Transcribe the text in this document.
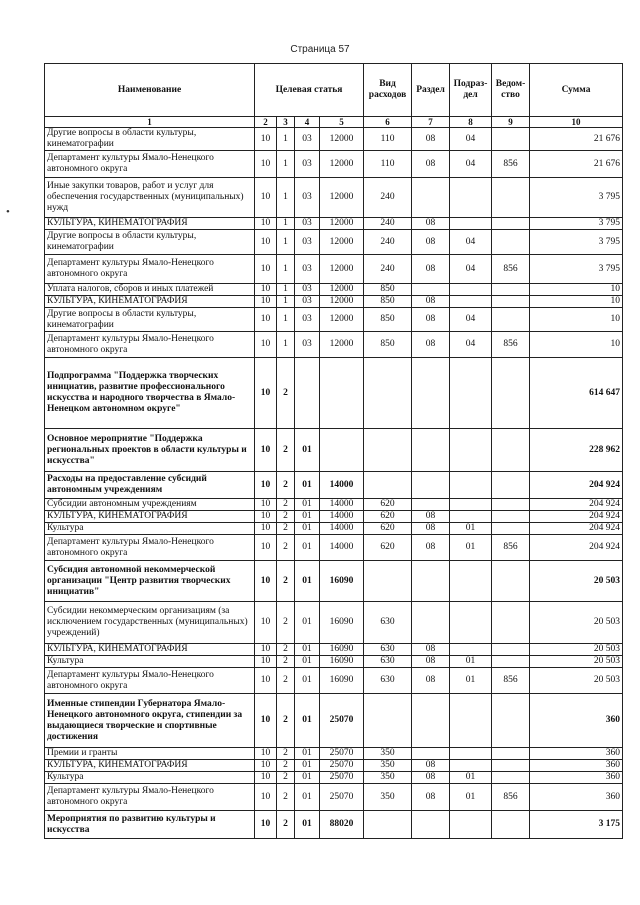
Страница 57
•
Наименование	Целевая статья				Вид расходов	Раздел	Подраз-дел	Ведом-ство	Сумма
1	2	3	4	5	6	7	8	9	10
Другие вопросы в области культуры, кинематографии	10	1	03	12000	110	08	04		21 676
Департамент культуры Ямало-Ненецкого автономного округа	10	1	03	12000	110	08	04	856	21 676
Иные закупки товаров, работ и услуг для обеспечения государственных (муниципальных) нужд	10	1	03	12000	240				3 795
КУЛЬТУРА, КИНЕМАТОГРАФИЯ	10	1	03	12000	240	08			3 795
Другие вопросы в области культуры, кинематографии	10	1	03	12000	240	08	04		3 795
Департамент культуры Ямало-Ненецкого автономного округа	10	1	03	12000	240	08	04	856	3 795
Уплата налогов, сборов и иных платежей	10	1	03	12000	850				10
КУЛЬТУРА, КИНЕМАТОГРАФИЯ	10	1	03	12000	850	08			10
Другие вопросы в области культуры, кинематографии	10	1	03	12000	850	08	04		10
Департамент культуры Ямало-Ненецкого автономного округа	10	1	03	12000	850	08	04	856	10
Подпрограмма "Поддержка творческих инициатив, развитие профессионального искусства и народного творчества в Ямало-Ненецком автономном округе"	10	2							614 647
Основное мероприятие "Поддержка региональных проектов в области культуры и искусства"	10	2	01						228 962
Расходы на предоставление субсидий автономным учреждениям	10	2	01	14000					204 924
Субсидии автономным учреждениям	10	2	01	14000	620				204 924
КУЛЬТУРА, КИНЕМАТОГРАФИЯ	10	2	01	14000	620	08			204 924
Культура	10	2	01	14000	620	08	01		204 924
Департамент культуры Ямало-Ненецкого автономного округа	10	2	01	14000	620	08	01	856	204 924
Субсидия автономной некоммерческой организации "Центр развития творческих инициатив"	10	2	01	16090					20 503
Субсидии некоммерческим организациям (за исключением государственных (муниципальных) учреждений)	10	2	01	16090	630				20 503
КУЛЬТУРА, КИНЕМАТОГРАФИЯ	10	2	01	16090	630	08			20 503
Культура	10	2	01	16090	630	08	01		20 503
Департамент культуры Ямало-Ненецкого автономного округа	10	2	01	16090	630	08	01	856	20 503
Именные стипендии Губернатора Ямало-Ненецкого автономного округа, стипендии за выдающиеся творческие и спортивные достижения	10	2	01	25070					360
Премии и гранты	10	2	01	25070	350				360
КУЛЬТУРА, КИНЕМАТОГРАФИЯ	10	2	01	25070	350	08			360
Культура	10	2	01	25070	350	08	01		360
Департамент культуры Ямало-Ненецкого автономного округа	10	2	01	25070	350	08	01	856	360
Мероприятия по развитию культуры и искусства	10	2	01	88020					3 175
